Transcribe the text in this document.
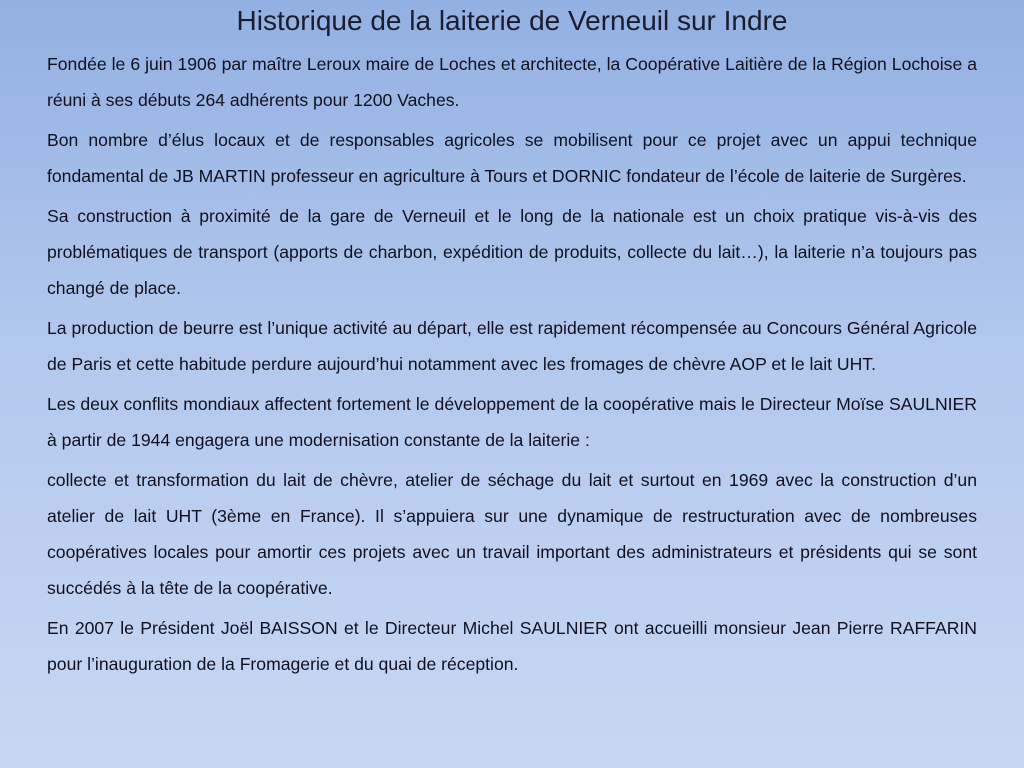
Historique de la laiterie de Verneuil sur Indre

Fondée le 6 juin 1906 par maître Leroux maire de Loches et architecte, la Coopérative Laitière de la Région Lochoise a réuni à ses débuts 264 adhérents pour 1200 Vaches.

Bon nombre d’élus locaux et de responsables agricoles se mobilisent pour ce projet avec un appui technique fondamental de JB MARTIN professeur en agriculture à Tours et DORNIC fondateur de l’école de laiterie de Surgères.

Sa construction à proximité de la gare de Verneuil et le long de la nationale est un choix pratique vis-à-vis des problématiques de transport (apports de charbon, expédition de produits, collecte du lait…), la laiterie n’a toujours pas changé de place.

La production de beurre est l’unique activité au départ, elle est rapidement récompensée au Concours Général Agricole de Paris et cette habitude perdure aujourd’hui notamment avec les fromages de chèvre AOP et le lait UHT.

Les deux conflits mondiaux affectent fortement le développement de la coopérative mais le Directeur Moïse SAULNIER à partir de 1944 engagera une modernisation constante de la laiterie :

collecte et transformation du lait de chèvre, atelier de séchage du lait et surtout en 1969 avec la construction d’un atelier de lait UHT (3ème en France). Il s’appuiera sur une dynamique de restructuration avec de nombreuses coopératives locales pour amortir ces projets avec un travail important des administrateurs et présidents qui se sont succédés à la tête de la coopérative.

En 2007 le Président Joël BAISSON et le Directeur Michel SAULNIER ont accueilli monsieur Jean Pierre RAFFARIN pour l’inauguration de la Fromagerie et du quai de réception.
